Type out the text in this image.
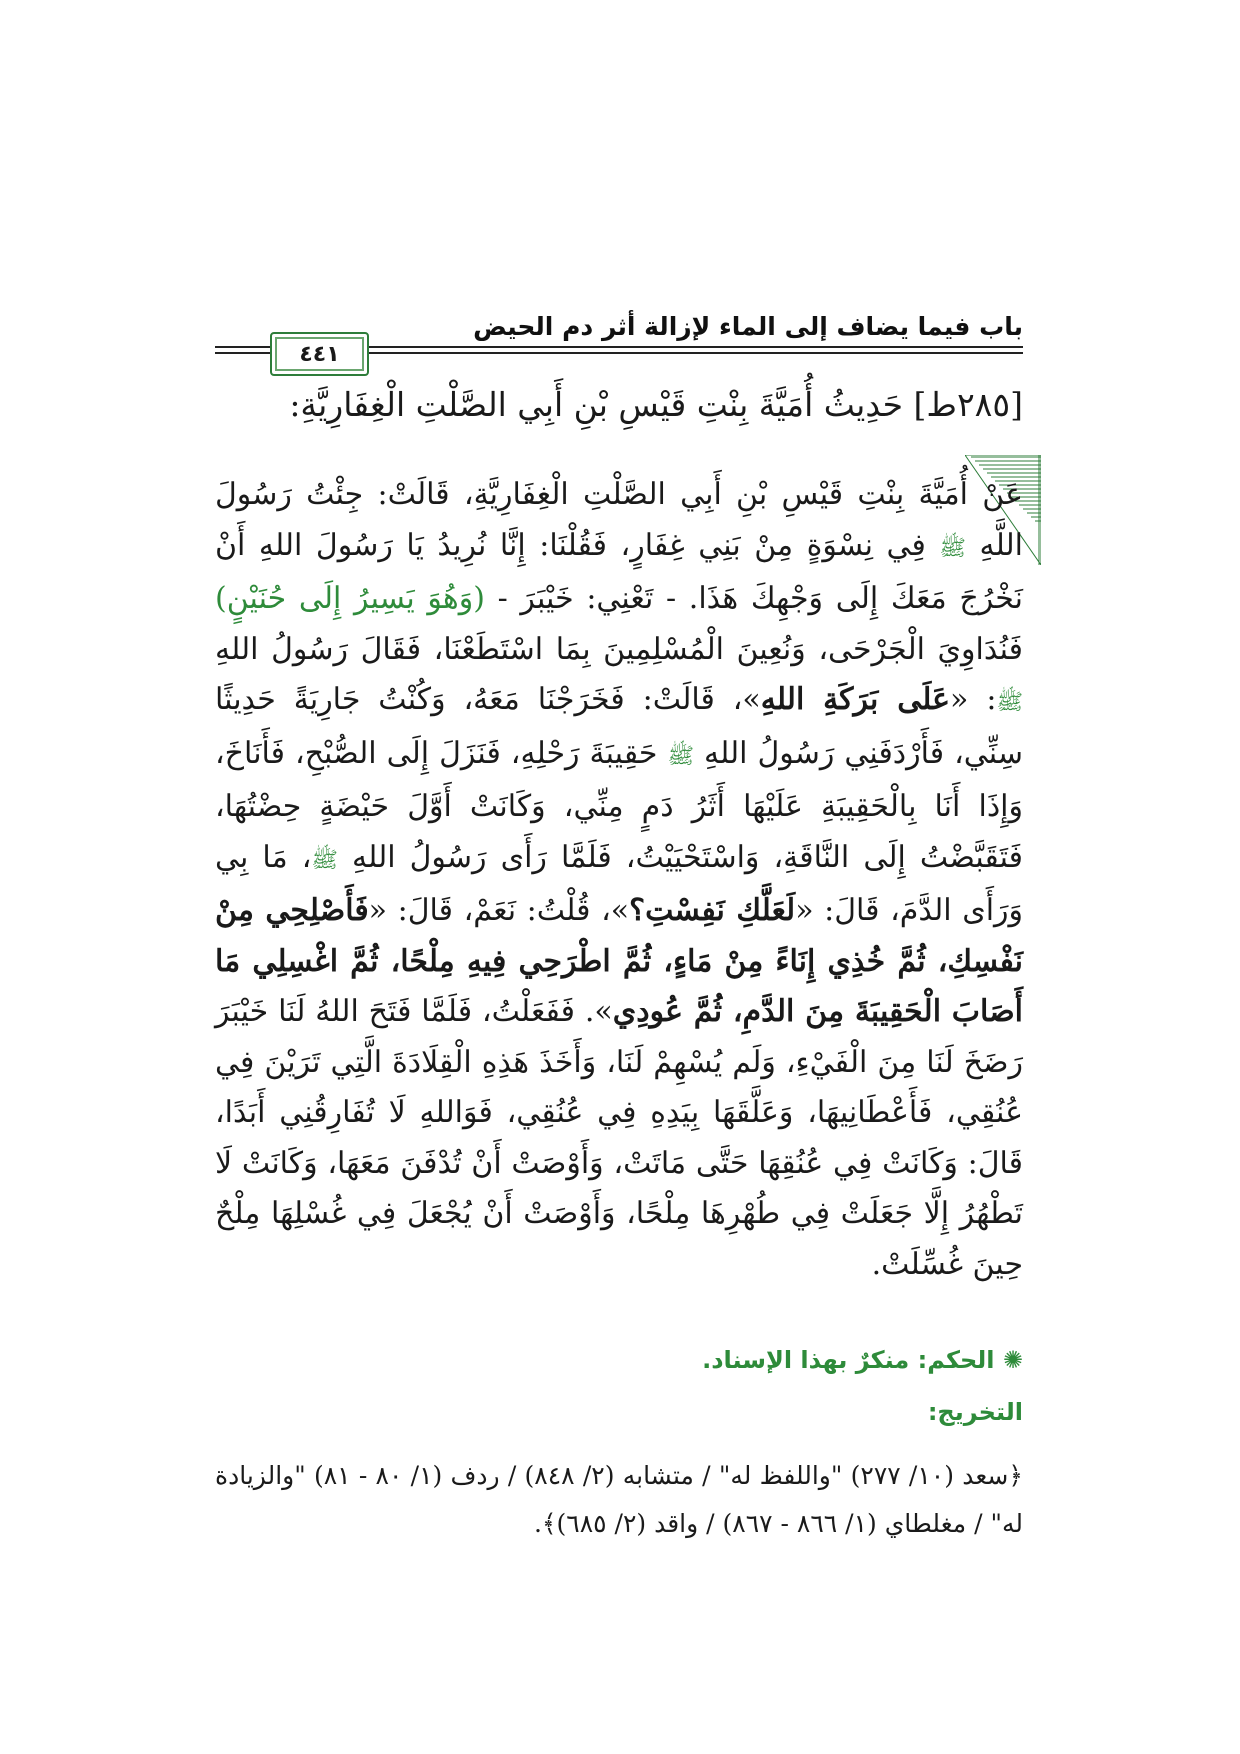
باب فيما يضاف إلى الماء لإزالة أثر دم الحيض
٤٤١
[٢٨٥ط] حَدِيثُ أُمَيَّةَ بِنْتِ قَيْسِ بْنِ أَبِي الصَّلْتِ الْغِفَارِيَّةِ:
عَنْ أُمَيَّةَ بِنْتِ قَيْسِ بْنِ أَبِي الصَّلْتِ الْغِفَارِيَّةِ، قَالَتْ: جِئْتُ رَسُولَ اللَّهِ ﷺ فِي نِسْوَةٍ مِنْ بَنِي غِفَارٍ، فَقُلْنَا: إِنَّا نُرِيدُ يَا رَسُولَ اللهِ أَنْ نَخْرُجَ مَعَكَ إِلَى وَجْهِكَ هَذَا. - تَعْنِي: خَيْبَرَ - (وَهُوَ يَسِيرُ إِلَى حُنَيْنٍ) فَنُدَاوِيَ الْجَرْحَى، وَنُعِينَ الْمُسْلِمِينَ بِمَا اسْتَطَعْنَا، فَقَالَ رَسُولُ اللهِ ﷺ: «عَلَى بَرَكَةِ اللهِ»، قَالَتْ: فَخَرَجْنَا مَعَهُ، وَكُنْتُ جَارِيَةً حَدِيثًا سِنِّي، فَأَرْدَفَنِي رَسُولُ اللهِ ﷺ حَقِيبَةَ رَحْلِهِ، فَنَزَلَ إِلَى الصُّبْحِ، فَأَنَاخَ، وَإِذَا أَنَا بِالْحَقِيبَةِ عَلَيْهَا أَثَرُ دَمٍ مِنِّي، وَكَانَتْ أَوَّلَ حَيْضَةٍ حِضْتُهَا، فَتَقَبَّضْتُ إِلَى النَّاقَةِ، وَاسْتَحْيَيْتُ، فَلَمَّا رَأَى رَسُولُ اللهِ ﷺ، مَا بِي وَرَأَى الدَّمَ، قَالَ: «لَعَلَّكِ نَفِسْتِ؟»، قُلْتُ: نَعَمْ، قَالَ: «فَأَصْلِحِي مِنْ نَفْسِكِ، ثُمَّ خُذِي إِنَاءً مِنْ مَاءٍ، ثُمَّ اطْرَحِي فِيهِ مِلْحًا، ثُمَّ اغْسِلِي مَا أَصَابَ الْحَقِيبَةَ مِنَ الدَّمِ، ثُمَّ عُودِي». فَفَعَلْتُ، فَلَمَّا فَتَحَ اللهُ لَنَا خَيْبَرَ رَضَخَ لَنَا مِنَ الْفَيْءِ، وَلَم يُسْهِمْ لَنَا، وَأَخَذَ هَذِهِ الْقِلَادَةَ الَّتِي تَرَيْنَ فِي عُنُقِي، فَأَعْطَانِيهَا، وَعَلَّقَهَا بِيَدِهِ فِي عُنُقِي، فَوَاللهِ لَا تُفَارِقُنِي أَبَدًا، قَالَ: وَكَانَتْ فِي عُنُقِهَا حَتَّى مَاتَتْ، وَأَوْصَتْ أَنْ تُدْفَنَ مَعَهَا، وَكَانَتْ لَا تَطْهُرُ إِلَّا جَعَلَتْ فِي طُهْرِهَا مِلْحًا، وَأَوْصَتْ أَنْ يُجْعَلَ فِي غُسْلِهَا مِلْحٌ حِينَ غُسِّلَتْ.
✺ الحكم: منكرٌ بهذا الإسناد.
التخريج:
﴿سعد (١٠/ ٢٧٧) "واللفظ له" / متشابه (٢/ ٨٤٨) / ردف (١/ ٨٠ - ٨١) "والزيادة له" / مغلطاي (١/ ٨٦٦ - ٨٦٧) / واقد (٢/ ٦٨٥)﴾.
